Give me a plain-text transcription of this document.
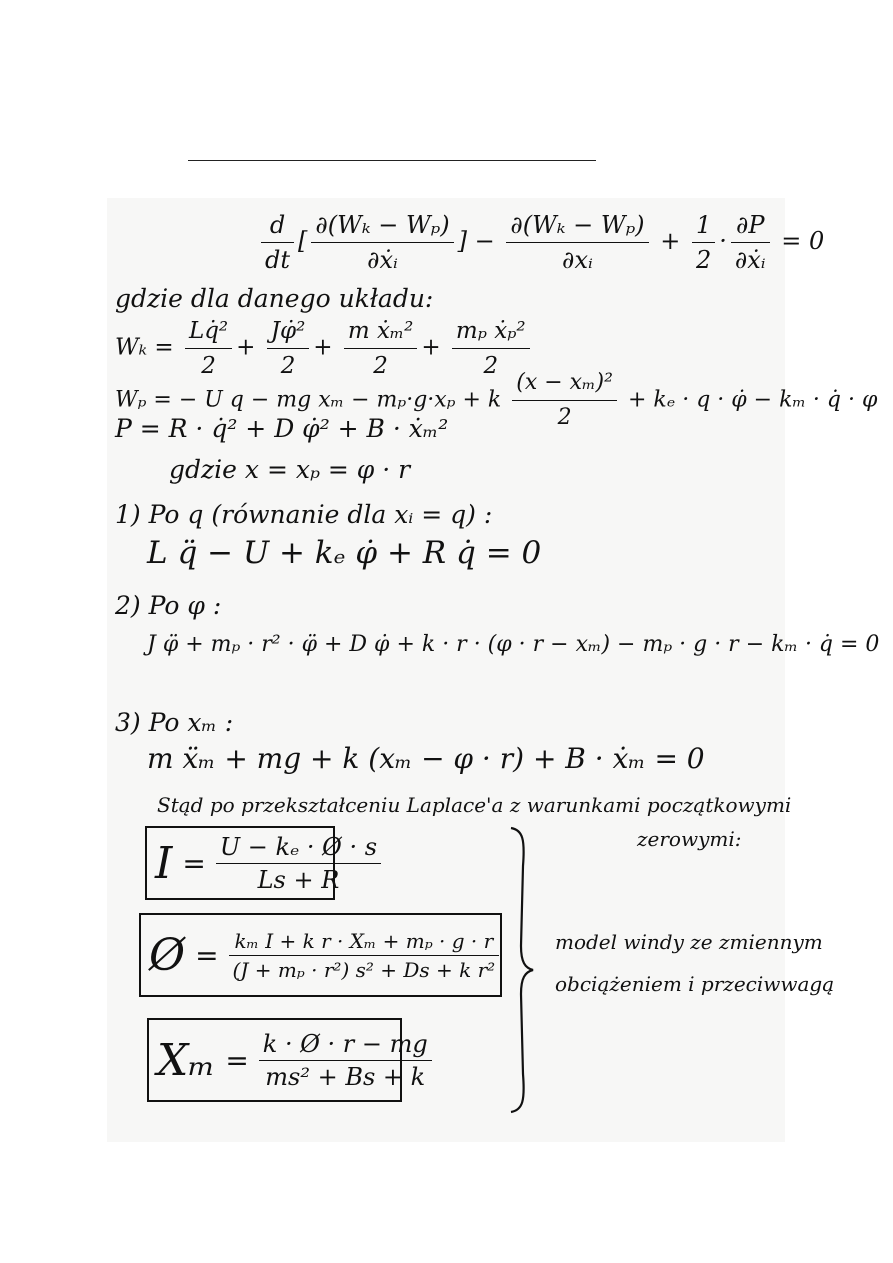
$\frac{d}{dt}$ [ $\frac{\text{∂(Wₖ − Wₚ)}}{\text{∂ẋᵢ}}$ ] − $\frac{\text{∂(Wₖ − Wₚ)}}{\text{∂xᵢ}} + \frac{1}{2} \cdot \frac{\partial P}{\text{∂ẋᵢ}} = 0$
gdzie dla danego układu:
$W_k = \frac{\text{Lq̇²}}{2} + \frac{\text{Jφ̇²}}{2} + \frac{\text{m ẋₘ²}}{2} + \frac{\text{mₚ ẋₚ²}}{2}$
Wₚ = − U q − mg xₘ − mₚ·g·xₚ + k $\frac{\text{(x − xₘ)²}}{2} + k_e \cdot q$ · φ̇ − kₘ · q̇ · φ
P = R · q̇² + D φ̇² + B · ẋₘ²
gdzie x = xₚ = φ · r
1) Po q (równanie dla xᵢ = q) :
L q̈ − U + kₑ φ̇ + R q̇ = 0
2) Po φ :
J φ̈ + mₚ · r² · φ̈ + D φ̇ + k · r · (φ · r − xₘ) − mₚ · g · r − kₘ · q̇ = 0
3) Po xₘ :
m ẍₘ + mg + k (xₘ − φ · r) + B · ẋₘ = 0
Stąd po przekształceniu Laplace'a z warunkami początkowymi
zerowymi:
$I = \frac{\text{U − kₑ · Ø · s}}{Ls + R}$
Ø = $\frac{\text{kₘ I + k r · Xₘ + mₚ · g · r}}{\text{(J + mₚ · r²) s² + Ds + k r²}}$
$X_m = \frac{k \cdot Ø \cdot r - mg}{\text{ms² + Bs + k}}$
model windy ze zmiennym
obciążeniem i przeciwwagą
